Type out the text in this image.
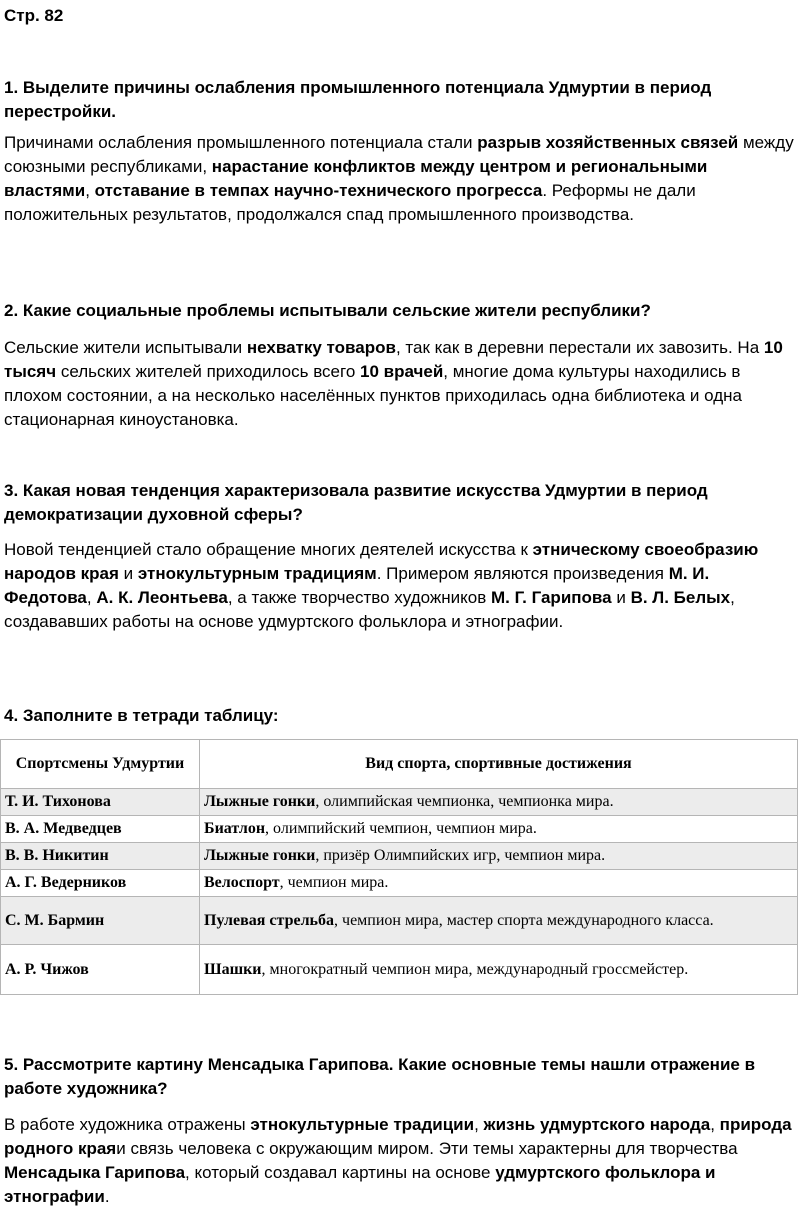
Стр. 82

1. Выделите причины ослабления промышленного потенциала Удмуртии в период перестройки.

Причинами ослабления промышленного потенциала стали разрыв хозяйственных связей между союзными республиками, нарастание конфликтов между центром и региональными властями, отставание в темпах научно-технического прогресса. Реформы не дали положительных результатов, продолжался спад промышленного производства.

2. Какие социальные проблемы испытывали сельские жители республики?

Сельские жители испытывали нехватку товаров, так как в деревни перестали их завозить. На 10 тысяч сельских жителей приходилось всего 10 врачей, многие дома культуры находились в плохом состоянии, а на несколько населённых пунктов приходилась одна библиотека и одна стационарная киноустановка.

3. Какая новая тенденция характеризовала развитие искусства Удмуртии в период демократизации духовной сферы?

Новой тенденцией стало обращение многих деятелей искусства к этническому своеобразию народов края и этнокультурным традициям. Примером являются произведения М. И. Федотова, А. К. Леонтьева, а также творчество художников М. Г. Гарипова и В. Л. Белых, создававших работы на основе удмуртского фольклора и этнографии.

4. Заполните в тетради таблицу:

Спортсмены Удмуртии	Вид спорта, спортивные достижения
Т. И. Тихонова	Лыжные гонки, олимпийская чемпионка, чемпионка мира.
В. А. Медведцев	Биатлон, олимпийский чемпион, чемпион мира.
В. В. Никитин	Лыжные гонки, призёр Олимпийских игр, чемпион мира.
А. Г. Ведерников	Велоспорт, чемпион мира.
С. М. Бармин	Пулевая стрельба, чемпион мира, мастер спорта международного класса.
А. Р. Чижов	Шашки, многократный чемпион мира, международный гроссмейстер.

5. Рассмотрите картину Менсадыка Гарипова. Какие основные темы нашли отражение в работе художника?

В работе художника отражены этнокультурные традиции, жизнь удмуртского народа, природа родного краяи связь человека с окружающим миром. Эти темы характерны для творчества Менсадыка Гарипова, который создавал картины на основе удмуртского фольклора и этнографии.
